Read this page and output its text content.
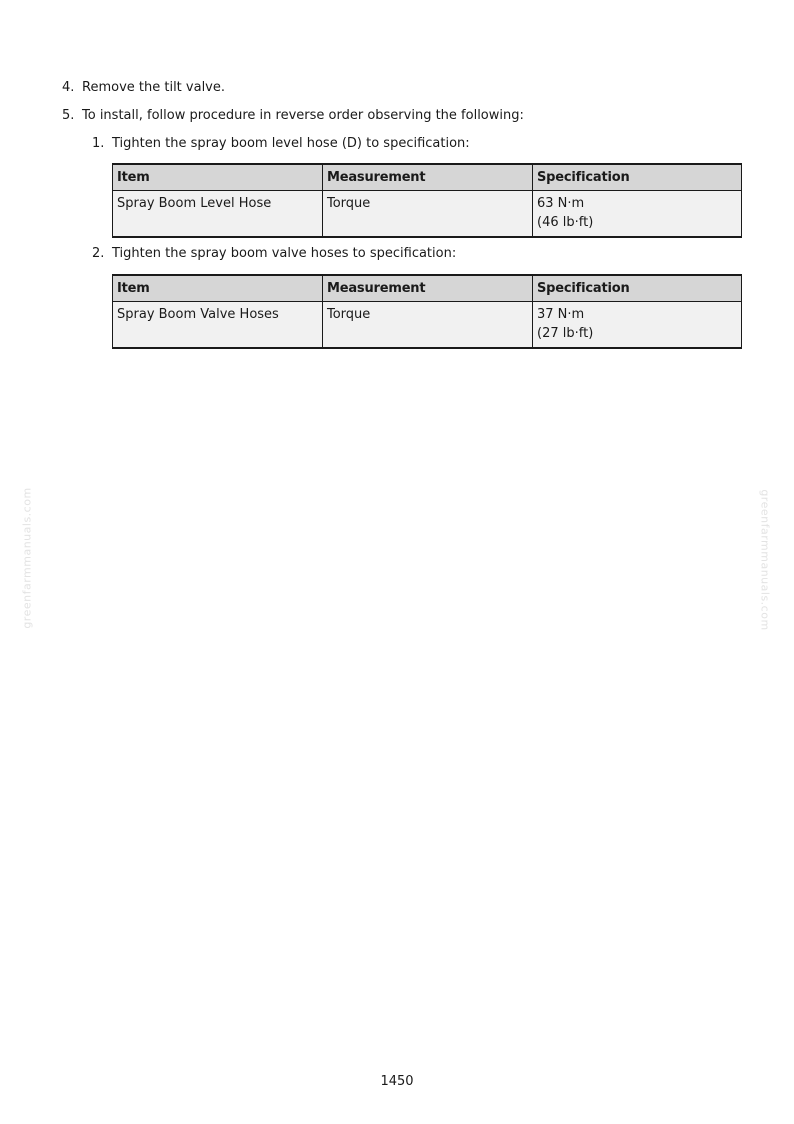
4. Remove the tilt valve.
5. To install, follow procedure in reverse order observing the following:
1. Tighten the spray boom level hose (D) to specification:
Item	Measurement	Specification
Spray Boom Level Hose	Torque	63 N·m
(46 lb·ft)
2. Tighten the spray boom valve hoses to specification:
Item	Measurement	Specification
Spray Boom Valve Hoses	Torque	37 N·m
(27 lb·ft)
greenfarmmanuals.com	greenfarmmanuals.com
1450
